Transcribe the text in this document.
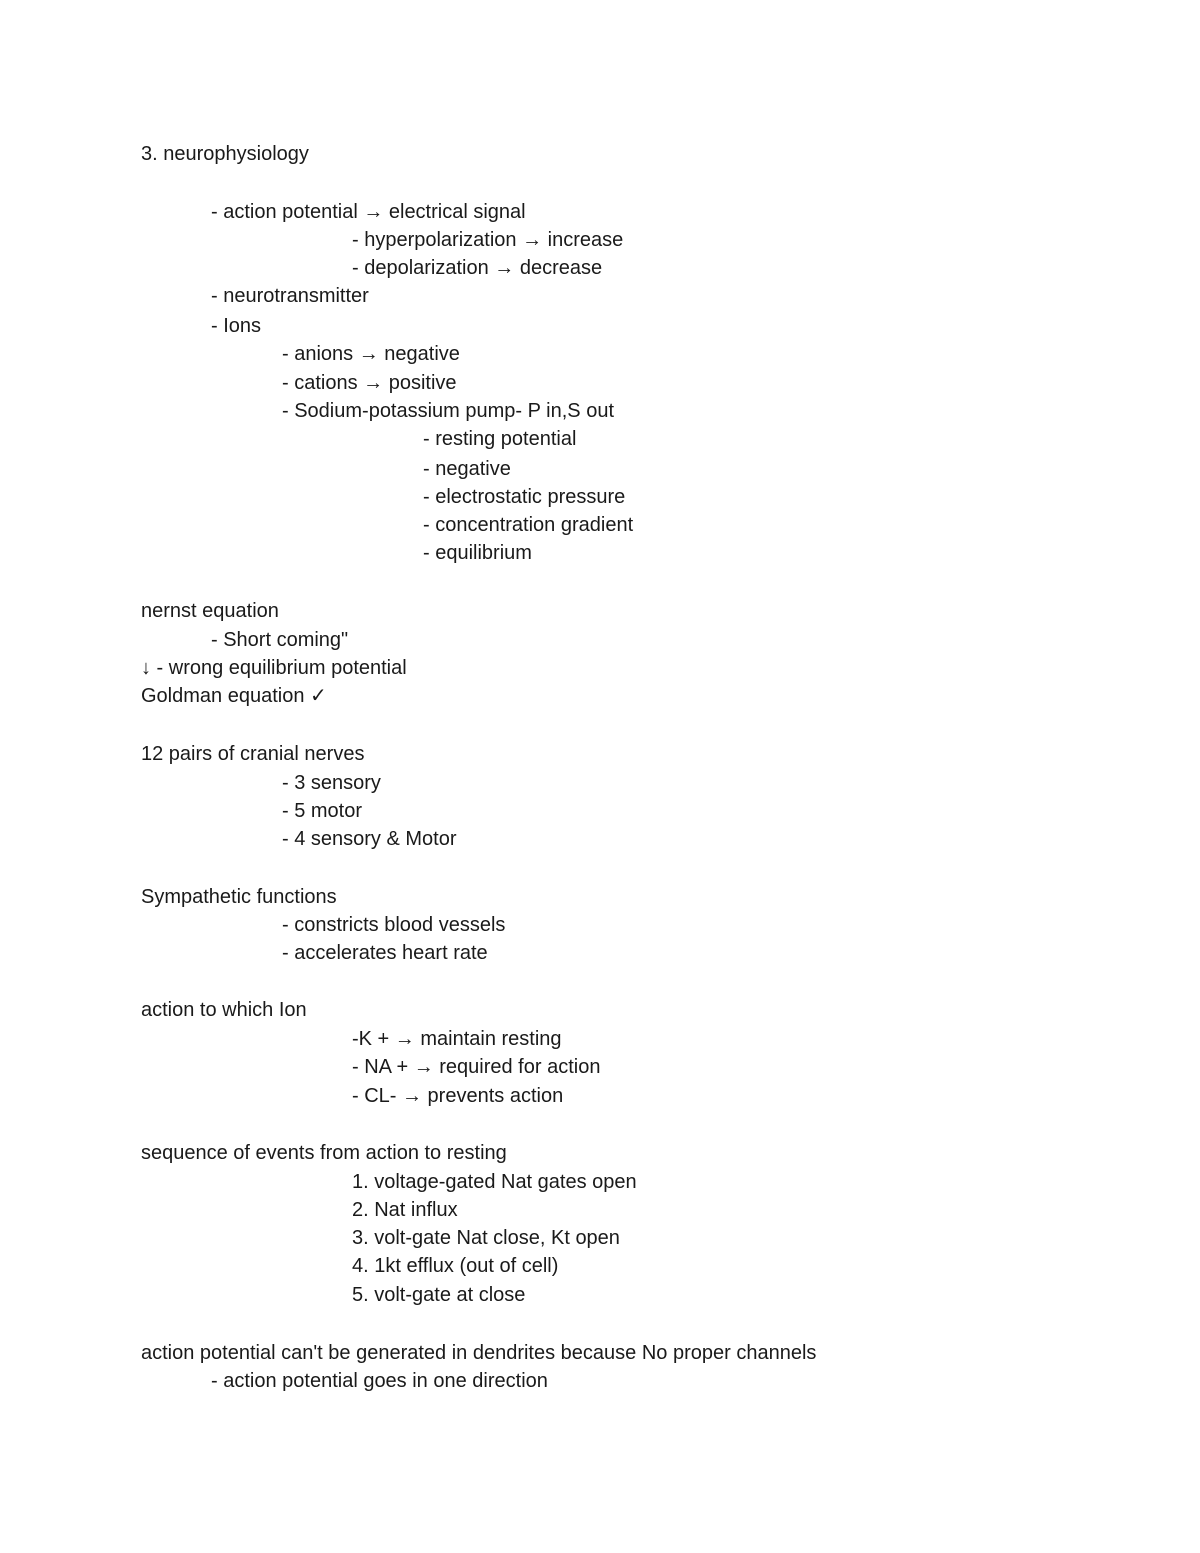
3. neurophysiology
- action potential → electrical signal
- hyperpolarization → increase
- depolarization → decrease
- neurotransmitter
- Ions
- anions → negative
- cations → positive
- Sodium-potassium pump- P in,S out
- resting potential
- negative
- electrostatic pressure
- concentration gradient
- equilibrium
nernst equation
- Short coming"
↓ - wrong equilibrium potential
Goldman equation ✓
12 pairs of cranial nerves
- 3 sensory
- 5 motor
- 4 sensory & Motor
Sympathetic functions
- constricts blood vessels
- accelerates heart rate
action to which Ion
-K + → maintain resting
- NA + → required for action
- CL- → prevents action
sequence of events from action to resting
1. voltage-gated Nat gates open
2. Nat influx
3. volt-gate Nat close, Kt open
4. 1kt efflux (out of cell)
5. volt-gate at close
action potential can't be generated in dendrites because No proper channels
- action potential goes in one direction
